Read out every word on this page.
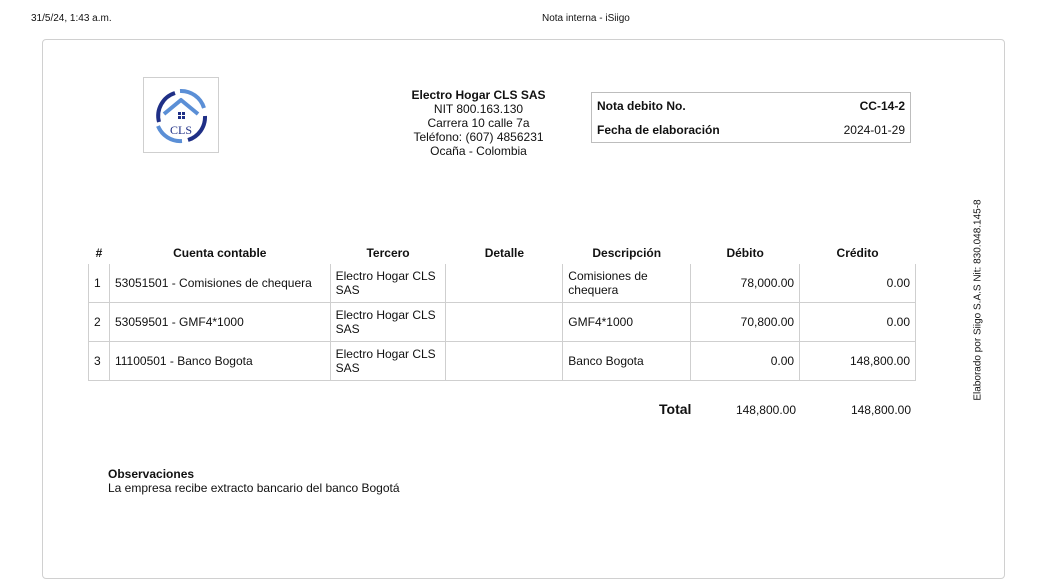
31/5/24, 1:43 a.m.	Nota interna - iSiigo
CLS
Electro Hogar CLS SAS
NIT 800.163.130
Carrera 10 calle 7a
Teléfono: (607) 4856231
Ocaña - Colombia
Nota debito No.	CC-14-2
Fecha de elaboración	2024-01-29
#	Cuenta contable	Tercero	Detalle	Descripción	Débito	Crédito
1	53051501 - Comisiones de chequera	Electro Hogar CLS SAS		Comisiones de chequera	78,000.00	0.00
2	53059501 - GMF4*1000	Electro Hogar CLS SAS		GMF4*1000	70,800.00	0.00
3	11100501 - Banco Bogota	Electro Hogar CLS SAS		Banco Bogota	0.00	148,800.00
Total	148,800.00	148,800.00
Observaciones
La empresa recibe extracto bancario del banco Bogotá
Elaborado por Siigo S.A.S Nit: 830.048.145-8
